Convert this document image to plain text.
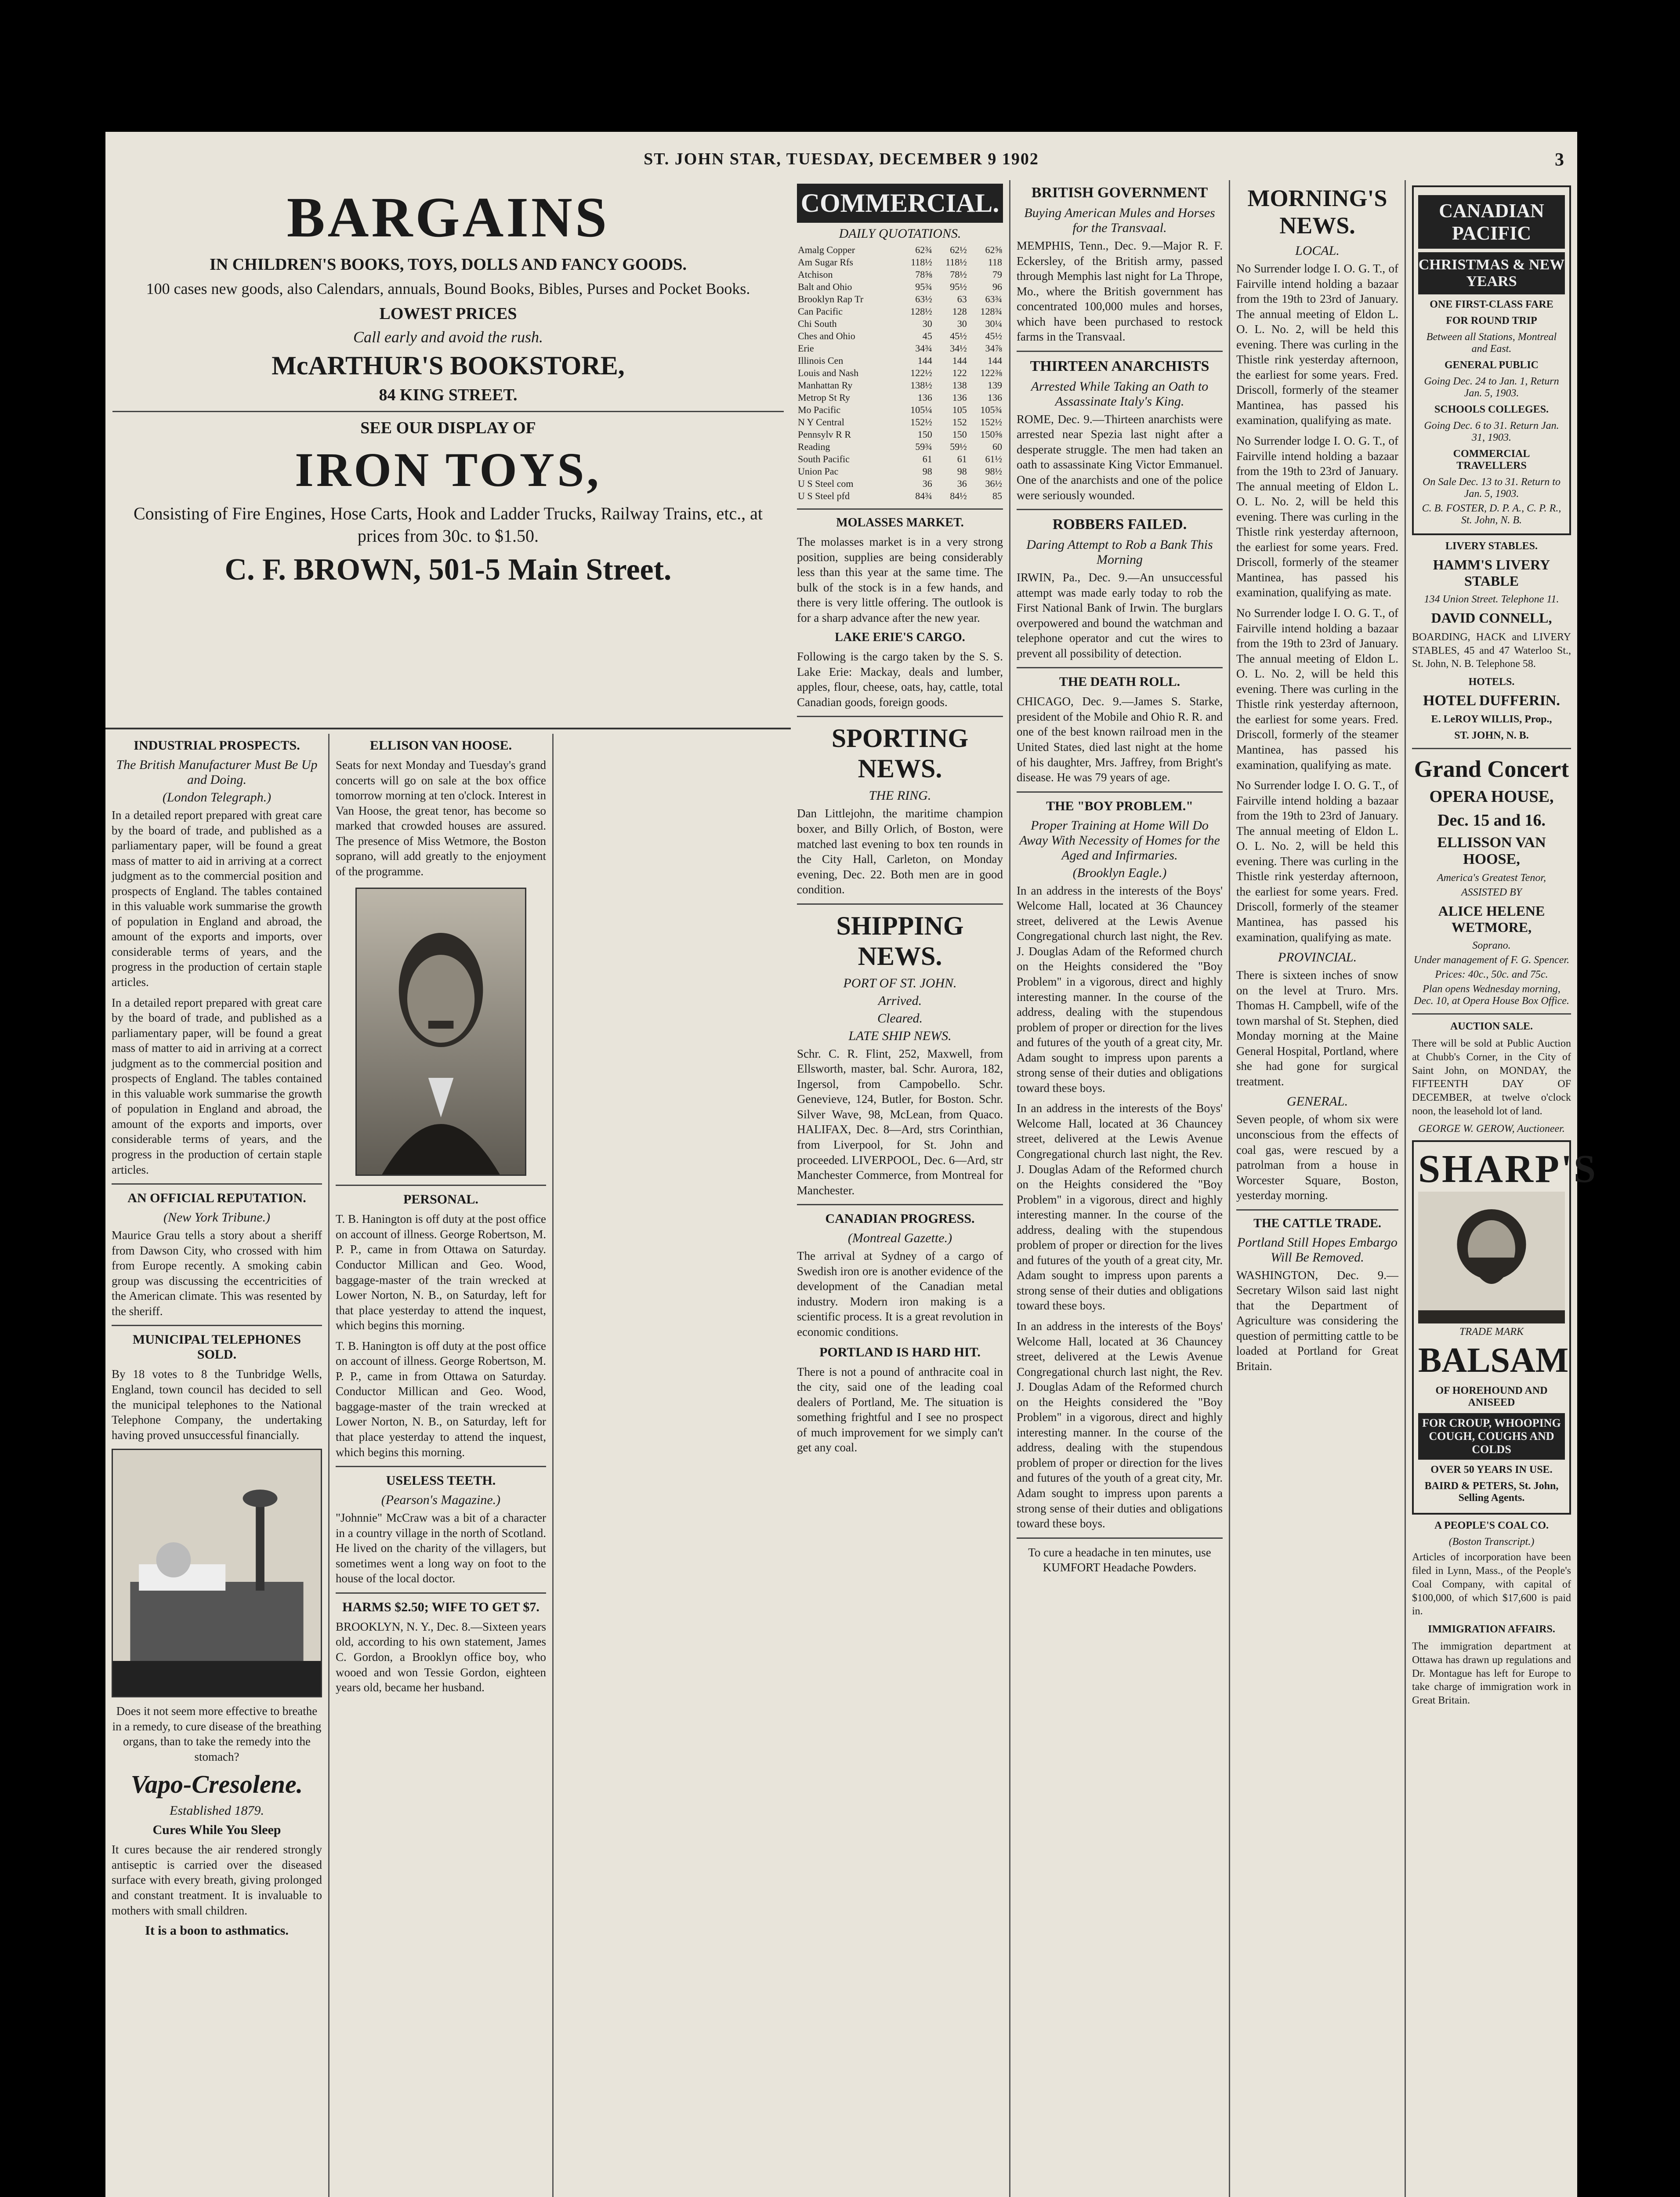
ST. JOHN STAR, TUESDAY, DECEMBER 9 1902	3
BARGAINS
IN CHILDREN'S BOOKS, TOYS, DOLLS AND FANCY GOODS.
100 cases new goods, also Calendars, annuals, Bound Books, Bibles, Purses and Pocket Books.
LOWEST PRICES
Call early and avoid the rush.
McARTHUR'S BOOKSTORE,
84 KING STREET.
SEE OUR DISPLAY OF
IRON TOYS,
Consisting of Fire Engines, Hose Carts, Hook and Ladder Trucks, Railway Trains, etc., at prices from 30c. to $1.50.
C. F. BROWN, 501-5 Main Street.
INDUSTRIAL PROSPECTS.
The British Manufacturer Must Be Up and Doing.
(London Telegraph.)
In a detailed report prepared with great care by the board of trade, and published as a parliamentary paper, will be found a great mass of matter to aid in arriving at a correct judgment as to the commercial position and prospects of England. The tables contained in this valuable work summarise the growth of population in England and abroad, the amount of the exports and imports, over considerable terms of years, and the progress in the production of certain staple articles.
In a detailed report prepared with great care by the board of trade, and published as a parliamentary paper, will be found a great mass of matter to aid in arriving at a correct judgment as to the commercial position and prospects of England. The tables contained in this valuable work summarise the growth of population in England and abroad, the amount of the exports and imports, over considerable terms of years, and the progress in the production of certain staple articles.
AN OFFICIAL REPUTATION.
(New York Tribune.)
Maurice Grau tells a story about a sheriff from Dawson City, who crossed with him from Europe recently. A smoking cabin group was discussing the eccentricities of the American climate. This was resented by the sheriff.
MUNICIPAL TELEPHONES SOLD.
By 18 votes to 8 the Tunbridge Wells, England, town council has decided to sell the municipal telephones to the National Telephone Company, the undertaking having proved unsuccessful financially.
Does it not seem more effective to breathe in a remedy, to cure disease of the breathing organs, than to take the remedy into the stomach?
Vapo-Cresolene.
Established 1879.
Cures While You Sleep
It cures because the air rendered strongly antiseptic is carried over the diseased surface with every breath, giving prolonged and constant treatment. It is invaluable to mothers with small children.
It is a boon to asthmatics.
ELLISON VAN HOOSE.
Seats for next Monday and Tuesday's grand concerts will go on sale at the box office tomorrow morning at ten o'clock. Interest in Van Hoose, the great tenor, has become so marked that crowded houses are assured. The presence of Miss Wetmore, the Boston soprano, will add greatly to the enjoyment of the programme.
PERSONAL.
T. B. Hanington is off duty at the post office on account of illness. George Robertson, M. P. P., came in from Ottawa on Saturday. Conductor Millican and Geo. Wood, baggage-master of the train wrecked at Lower Norton, N. B., on Saturday, left for that place yesterday to attend the inquest, which begins this morning.
T. B. Hanington is off duty at the post office on account of illness. George Robertson, M. P. P., came in from Ottawa on Saturday. Conductor Millican and Geo. Wood, baggage-master of the train wrecked at Lower Norton, N. B., on Saturday, left for that place yesterday to attend the inquest, which begins this morning.
USELESS TEETH.
(Pearson's Magazine.)
"Johnnie" McCraw was a bit of a character in a country village in the north of Scotland. He lived on the charity of the villagers, but sometimes went a long way on foot to the house of the local doctor.
HARMS $2.50; WIFE TO GET $7.
BROOKLYN, N. Y., Dec. 8.—Sixteen years old, according to his own statement, James C. Gordon, a Brooklyn office boy, who wooed and won Tessie Gordon, eighteen years old, became her husband.
COMMERCIAL.
DAILY QUOTATIONS.
Amalg Copper	62¾	62½	62⅝
Am Sugar Rfs	118½	118½	118
Atchison	78⅝	78½	79
Balt and Ohio	95¾	95½	96
Brooklyn Rap Tr	63½	63	63¾
Can Pacific	128½	128	128¾
Chi South	30	30	30¼
Ches and Ohio	45	45½	45½
Erie	34¾	34½	34⅞
Illinois Cen	144	144	144
Louis and Nash	122½	122	122⅜
Manhattan Ry	138½	138	139
Metrop St Ry	136	136	136
Mo Pacific	105¼	105	105¾
N Y Central	152½	152	152½
Pennsylv R R	150	150	150⅝
Reading	59¾	59½	60
South Pacific	61	61	61½
Union Pac	98	98	98½
U S Steel com	36	36	36½
U S Steel pfd	84¾	84½	85
MOLASSES MARKET.
The molasses market is in a very strong position, supplies are being considerably less than this year at the same time. The bulk of the stock is in a few hands, and there is very little offering. The outlook is for a sharp advance after the new year.
LAKE ERIE'S CARGO.
Following is the cargo taken by the S. S. Lake Erie: Mackay, deals and lumber, apples, flour, cheese, oats, hay, cattle, total Canadian goods, foreign goods.
SPORTING NEWS.
THE RING.
Dan Littlejohn, the maritime champion boxer, and Billy Orlich, of Boston, were matched last evening to box ten rounds in the City Hall, Carleton, on Monday evening, Dec. 22. Both men are in good condition.
SHIPPING NEWS.
PORT OF ST. JOHN.
Arrived.
Cleared.
LATE SHIP NEWS.
Schr. C. R. Flint, 252, Maxwell, from Ellsworth, master, bal. Schr. Aurora, 182, Ingersol, from Campobello. Schr. Genevieve, 124, Butler, for Boston. Schr. Silver Wave, 98, McLean, from Quaco. HALIFAX, Dec. 8—Ard, strs Corinthian, from Liverpool, for St. John and proceeded. LIVERPOOL, Dec. 6—Ard, str Manchester Commerce, from Montreal for Manchester.
CANADIAN PROGRESS.
(Montreal Gazette.)
The arrival at Sydney of a cargo of Swedish iron ore is another evidence of the development of the Canadian metal industry. Modern iron making is a scientific process. It is a great revolution in economic conditions.
PORTLAND IS HARD HIT.
There is not a pound of anthracite coal in the city, said one of the leading coal dealers of Portland, Me. The situation is something frightful and I see no prospect of much improvement for we simply can't get any coal.
BRITISH GOVERNMENT
Buying American Mules and Horses for the Transvaal.
MEMPHIS, Tenn., Dec. 9.—Major R. F. Eckersley, of the British army, passed through Memphis last night for La Thrope, Mo., where the British government has concentrated 100,000 mules and horses, which have been purchased to restock farms in the Transvaal.
THIRTEEN ANARCHISTS
Arrested While Taking an Oath to Assassinate Italy's King.
ROME, Dec. 9.—Thirteen anarchists were arrested near Spezia last night after a desperate struggle. The men had taken an oath to assassinate King Victor Emmanuel. One of the anarchists and one of the police were seriously wounded.
ROBBERS FAILED.
Daring Attempt to Rob a Bank This Morning
IRWIN, Pa., Dec. 9.—An unsuccessful attempt was made early today to rob the First National Bank of Irwin. The burglars overpowered and bound the watchman and telephone operator and cut the wires to prevent all possibility of detection.
THE DEATH ROLL.
CHICAGO, Dec. 9.—James S. Starke, president of the Mobile and Ohio R. R. and one of the best known railroad men in the United States, died last night at the home of his daughter, Mrs. Jaffrey, from Bright's disease. He was 79 years of age.
THE "BOY PROBLEM."
Proper Training at Home Will Do Away With Necessity of Homes for the Aged and Infirmaries.
(Brooklyn Eagle.)
In an address in the interests of the Boys' Welcome Hall, located at 36 Chauncey street, delivered at the Lewis Avenue Congregational church last night, the Rev. J. Douglas Adam of the Reformed church on the Heights considered the "Boy Problem" in a vigorous, direct and highly interesting manner. In the course of the address, dealing with the stupendous problem of proper or direction for the lives and futures of the youth of a great city, Mr. Adam sought to impress upon parents a strong sense of their duties and obligations toward these boys.
In an address in the interests of the Boys' Welcome Hall, located at 36 Chauncey street, delivered at the Lewis Avenue Congregational church last night, the Rev. J. Douglas Adam of the Reformed church on the Heights considered the "Boy Problem" in a vigorous, direct and highly interesting manner. In the course of the address, dealing with the stupendous problem of proper or direction for the lives and futures of the youth of a great city, Mr. Adam sought to impress upon parents a strong sense of their duties and obligations toward these boys.
In an address in the interests of the Boys' Welcome Hall, located at 36 Chauncey street, delivered at the Lewis Avenue Congregational church last night, the Rev. J. Douglas Adam of the Reformed church on the Heights considered the "Boy Problem" in a vigorous, direct and highly interesting manner. In the course of the address, dealing with the stupendous problem of proper or direction for the lives and futures of the youth of a great city, Mr. Adam sought to impress upon parents a strong sense of their duties and obligations toward these boys.
To cure a headache in ten minutes, use KUMFORT Headache Powders.
MORNING'S NEWS.
LOCAL.
No Surrender lodge I. O. G. T., of Fairville intend holding a bazaar from the 19th to 23rd of January. The annual meeting of Eldon L. O. L. No. 2, will be held this evening. There was curling in the Thistle rink yesterday afternoon, the earliest for some years. Fred. Driscoll, formerly of the steamer Mantinea, has passed his examination, qualifying as mate.
No Surrender lodge I. O. G. T., of Fairville intend holding a bazaar from the 19th to 23rd of January. The annual meeting of Eldon L. O. L. No. 2, will be held this evening. There was curling in the Thistle rink yesterday afternoon, the earliest for some years. Fred. Driscoll, formerly of the steamer Mantinea, has passed his examination, qualifying as mate.
No Surrender lodge I. O. G. T., of Fairville intend holding a bazaar from the 19th to 23rd of January. The annual meeting of Eldon L. O. L. No. 2, will be held this evening. There was curling in the Thistle rink yesterday afternoon, the earliest for some years. Fred. Driscoll, formerly of the steamer Mantinea, has passed his examination, qualifying as mate.
No Surrender lodge I. O. G. T., of Fairville intend holding a bazaar from the 19th to 23rd of January. The annual meeting of Eldon L. O. L. No. 2, will be held this evening. There was curling in the Thistle rink yesterday afternoon, the earliest for some years. Fred. Driscoll, formerly of the steamer Mantinea, has passed his examination, qualifying as mate.
PROVINCIAL.
There is sixteen inches of snow on the level at Truro. Mrs. Thomas H. Campbell, wife of the town marshal of St. Stephen, died Monday morning at the Maine General Hospital, Portland, where she had gone for surgical treatment.
GENERAL.
Seven people, of whom six were unconscious from the effects of coal gas, were rescued by a patrolman from a house in Worcester Square, Boston, yesterday morning.
THE CATTLE TRADE.
Portland Still Hopes Embargo Will Be Removed.
WASHINGTON, Dec. 9.—Secretary Wilson said last night that the Department of Agriculture was considering the question of permitting cattle to be loaded at Portland for Great Britain.
CANADIAN PACIFIC
CHRISTMAS & NEW YEARS
ONE FIRST-CLASS FARE
FOR ROUND TRIP
Between all Stations, Montreal and East.
GENERAL PUBLIC
Going Dec. 24 to Jan. 1, Return Jan. 5, 1903.
SCHOOLS COLLEGES.
Going Dec. 6 to 31. Return Jan. 31, 1903.
COMMERCIAL TRAVELLERS
On Sale Dec. 13 to 31. Return to Jan. 5, 1903.
C. B. FOSTER, D. P. A., C. P. R., St. John, N. B.
LIVERY STABLES.
HAMM'S LIVERY STABLE
134 Union Street. Telephone 11.
DAVID CONNELL,
BOARDING, HACK and LIVERY STABLES, 45 and 47 Waterloo St., St. John, N. B. Telephone 58.
HOTELS.
HOTEL DUFFERIN.
E. LeROY WILLIS, Prop.,
ST. JOHN, N. B.
Grand Concert
OPERA HOUSE,
Dec. 15 and 16.
ELLISSON VAN HOOSE,
America's Greatest Tenor,
ASSISTED BY
ALICE HELENE WETMORE,
Soprano.
Under management of F. G. Spencer.
Prices: 40c., 50c. and 75c.
Plan opens Wednesday morning, Dec. 10, at Opera House Box Office.
AUCTION SALE.
There will be sold at Public Auction at Chubb's Corner, in the City of Saint John, on MONDAY, the FIFTEENTH DAY OF DECEMBER, at twelve o'clock noon, the leasehold lot of land.
GEORGE W. GEROW, Auctioneer.
SHARP'S
TRADE MARK
BALSAM
OF HOREHOUND AND ANISEED
FOR CROUP, WHOOPING COUGH, COUGHS AND COLDS
OVER 50 YEARS IN USE.
BAIRD & PETERS, St. John, Selling Agents.
A PEOPLE'S COAL CO.
(Boston Transcript.)
Articles of incorporation have been filed in Lynn, Mass., of the People's Coal Company, with capital of $100,000, of which $17,600 is paid in.
IMMIGRATION AFFAIRS.
The immigration department at Ottawa has drawn up regulations and Dr. Montague has left for Europe to take charge of immigration work in Great Britain.
